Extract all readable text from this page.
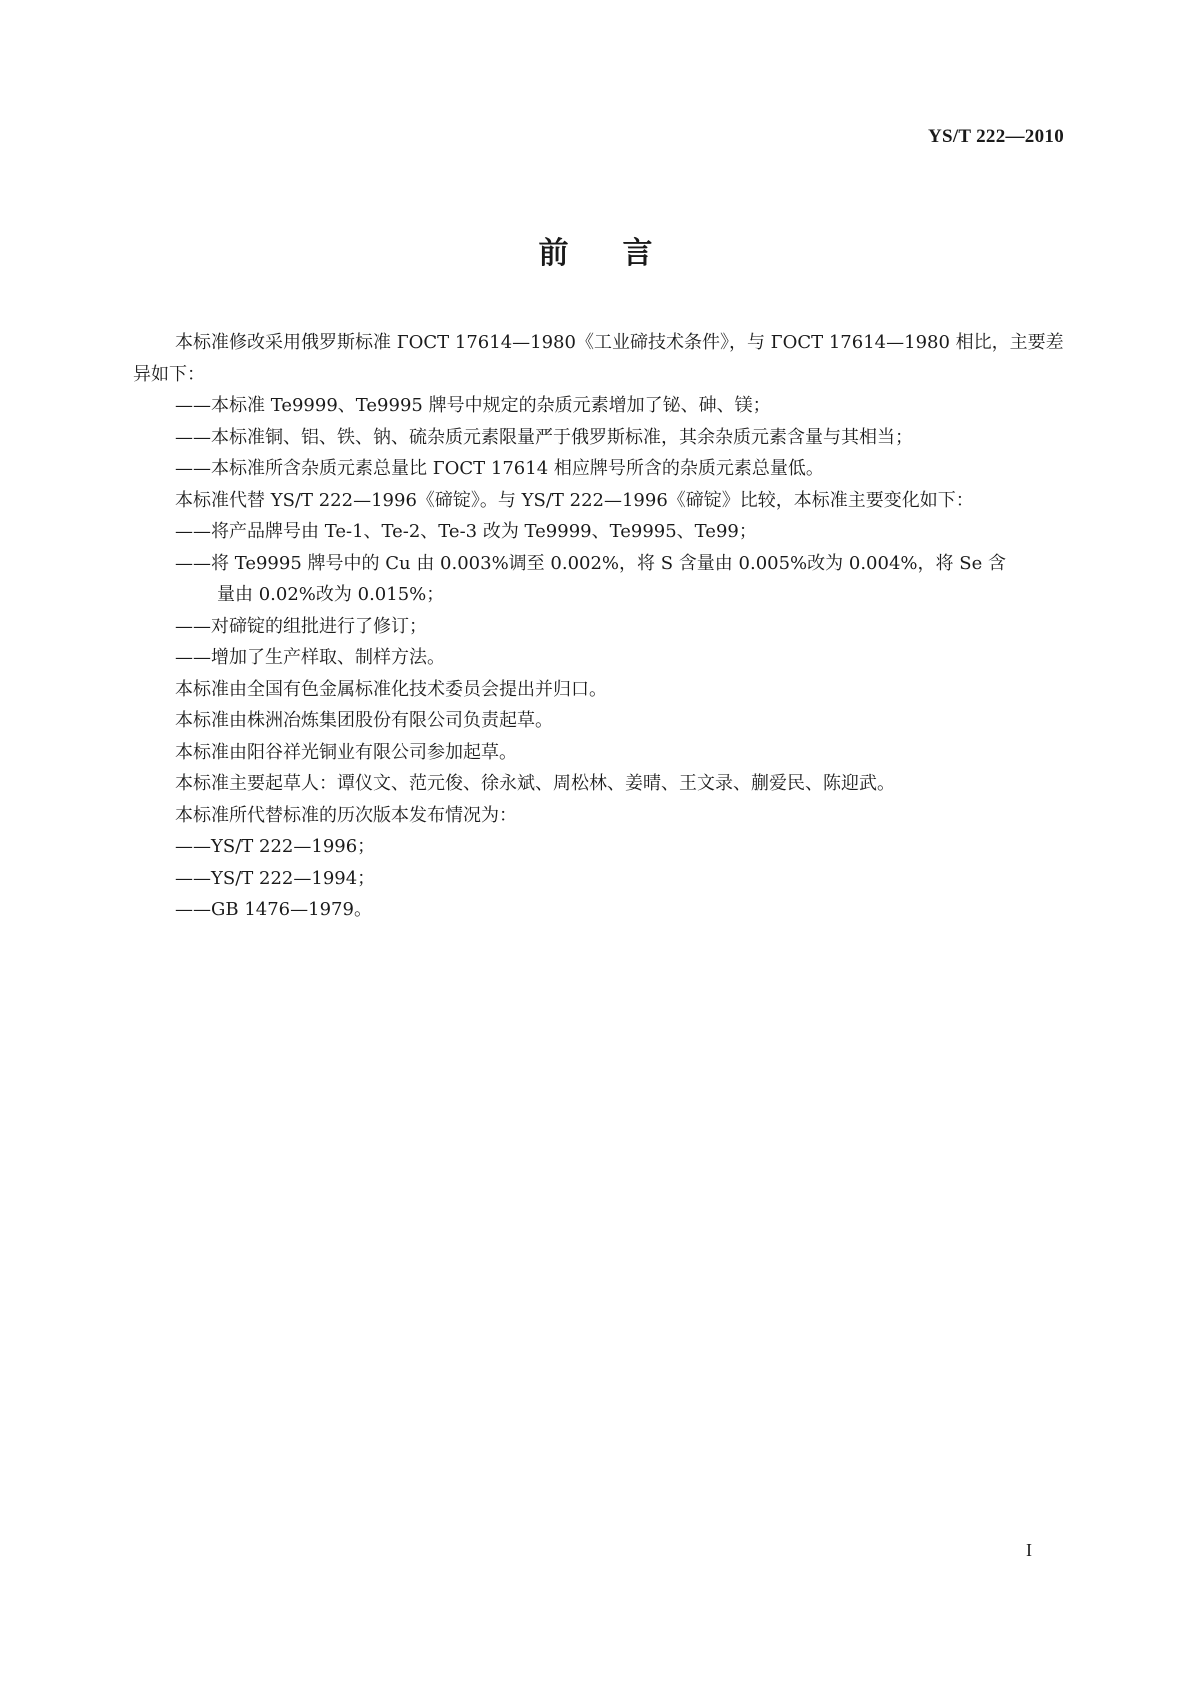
YS/T 222—2010
前言

本标准修改采用俄罗斯标准 ГОСТ 17614—1980《工业碲技术条件》，与 ГОСТ 17614—1980 相比，主要差异如下：

——本标准 Te9999、Te9995 牌号中规定的杂质元素增加了铋、砷、镁；

——本标准铜、铝、铁、钠、硫杂质元素限量严于俄罗斯标准，其余杂质元素含量与其相当；

——本标准所含杂质元素总量比 ГОСТ 17614 相应牌号所含的杂质元素总量低。

本标准代替 YS/T 222—1996《碲锭》。与 YS/T 222—1996《碲锭》比较，本标准主要变化如下：

——将产品牌号由 Te-1、Te-2、Te-3 改为 Te9999、Te9995、Te99；

——将 Te9995 牌号中的 Cu 由 0.003%调至 0.002%，将 S 含量由 0.005%改为 0.004%，将 Se 含
量由 0.02%改为 0.015%；

——对碲锭的组批进行了修订；

——增加了生产样取、制样方法。

本标准由全国有色金属标准化技术委员会提出并归口。

本标准由株洲冶炼集团股份有限公司负责起草。

本标准由阳谷祥光铜业有限公司参加起草。

本标准主要起草人：谭仪文、范元俊、徐永斌、周松林、姜晴、王文录、蒯爱民、陈迎武。

本标准所代替标准的历次版本发布情况为：

——YS/T 222—1996；

——YS/T 222—1994；

——GB 1476—1979。

I
